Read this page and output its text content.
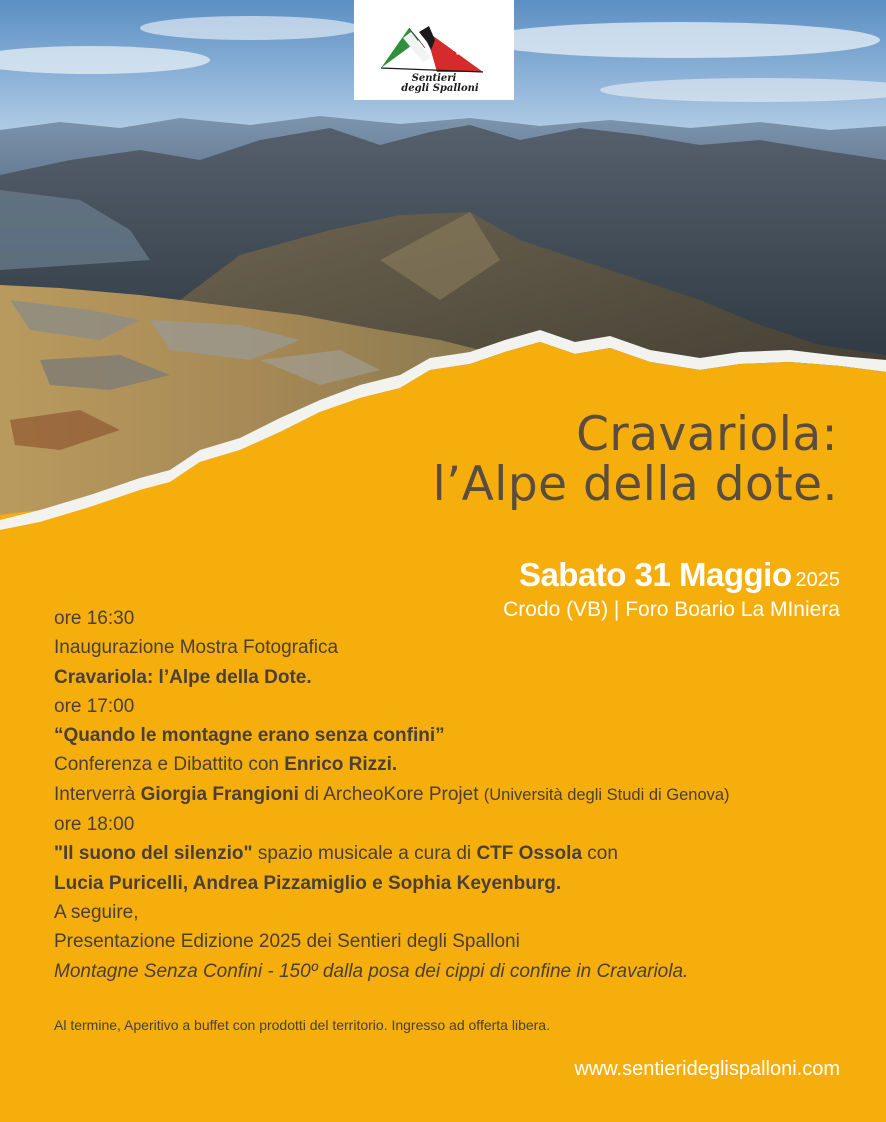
Sentieri
degli Spalloni
Cravariola:
l’Alpe della dote.
Sabato 31 Maggio 2025
Crodo (VB) | Foro Boario La MIniera
ore 16:30
Inaugurazione Mostra Fotografica
Cravariola: l’Alpe della Dote.
ore 17:00
“Quando le montagne erano senza confini”
Conferenza e Dibattito con Enrico Rizzi.
Interverrà Giorgia Frangioni di ArcheoKore Projet (Università degli Studi di Genova)
ore 18:00
"Il suono del silenzio" spazio musicale a cura di CTF Ossola con
Lucia Puricelli, Andrea Pizzamiglio e Sophia Keyenburg.
A seguire,
Presentazione Edizione 2025 dei Sentieri degli Spalloni
Montagne Senza Confini - 150º dalla posa dei cippi di confine in Cravariola.
Al termine, Aperitivo a buffet con prodotti del territorio. Ingresso ad offerta libera.
www.sentierideglispalloni.com
